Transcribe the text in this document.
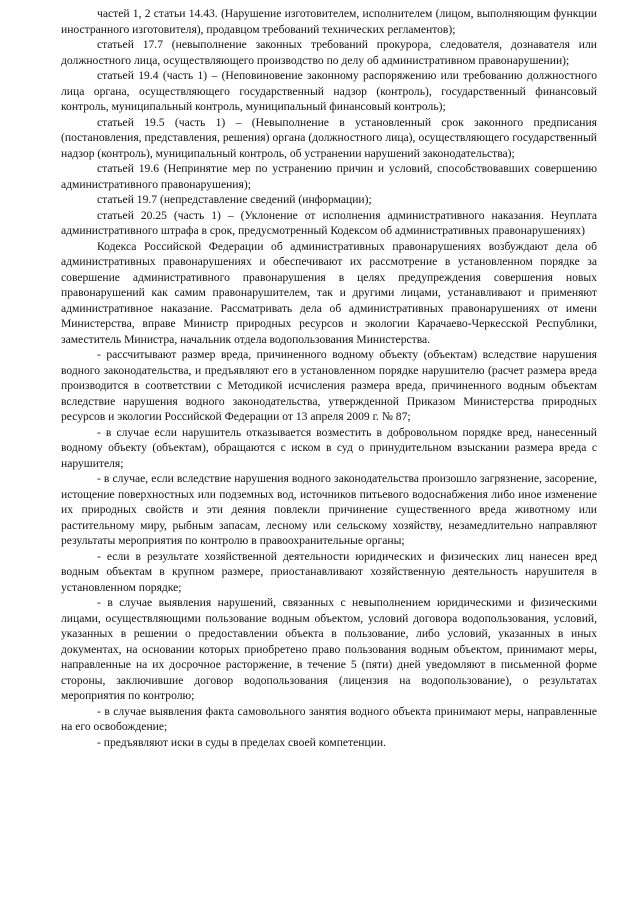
частей 1, 2 статьи 14.43. (Нарушение изготовителем, исполнителем (лицом, выполняющим функции иностранного изготовителя), продавцом требований технических регламентов);

статьей 17.7 (невыполнение законных требований прокурора, следователя, дознавателя или должностного лица, осуществляющего производство по делу об административном правонарушении);

статьей 19.4 (часть 1) – (Неповиновение законному распоряжению или требованию должностного лица органа, осуществляющего государственный надзор (контроль), государственный финансовый контроль, муниципальный контроль, муниципальный финансовый контроль);

статьей 19.5 (часть 1) – (Невыполнение в установленный срок законного предписания (постановления, представления, решения) органа (должностного лица), осуществляющего государственный надзор (контроль), муниципальный контроль, об устранении нарушений законодательства);

статьей 19.6 (Непринятие мер по устранению причин и условий, способствовавших совершению административного правонарушения);

статьей 19.7 (непредставление сведений (информации);

статьей 20.25 (часть 1) – (Уклонение от исполнения административного наказания. Неуплата административного штрафа в срок, предусмотренный Кодексом об административных правонарушениях)

Кодекса Российской Федерации об административных правонарушениях возбуждают дела об административных правонарушениях и обеспечивают их рассмотрение в установленном порядке за совершение административного правонарушения в целях предупреждения совершения новых правонарушений как самим правонарушителем, так и другими лицами, устанавливают и применяют административное наказание. Рассматривать дела об административных правонарушениях от имени Министерства, вправе Министр природных ресурсов и экологии Карачаево-Черкесской Республики, заместитель Министра, начальник отдела водопользования Министерства.

- рассчитывают размер вреда, причиненного водному объекту (объектам) вследствие нарушения водного законодательства, и предъявляют его в установленном порядке нарушителю (расчет размера вреда производится в соответствии с Методикой исчисления размера вреда, причиненного водным объектам вследствие нарушения водного законодательства, утвержденной Приказом Министерства природных ресурсов и экологии Российской Федерации от 13 апреля 2009 г. № 87;

- в случае если нарушитель отказывается возместить в добровольном порядке вред, нанесенный водному объекту (объектам), обращаются с иском в суд о принудительном взыскании размера вреда с нарушителя;

- в случае, если вследствие нарушения водного законодательства произошло загрязнение, засорение, истощение поверхностных или подземных вод, источников питьевого водоснабжения либо иное изменение их природных свойств и эти деяния повлекли причинение существенного вреда животному или растительному миру, рыбным запасам, лесному или сельскому хозяйству, незамедлительно направляют результаты мероприятия по контролю в правоохранительные органы;

- если в результате хозяйственной деятельности юридических и физических лиц нанесен вред водным объектам в крупном размере, приостанавливают хозяйственную деятельность нарушителя в установленном порядке;

- в случае выявления нарушений, связанных с невыполнением юридическими и физическими лицами, осуществляющими пользование водным объектом, условий договора водопользования, условий, указанных в решении о предоставлении объекта в пользование, либо условий, указанных в иных документах, на основании которых приобретено право пользования водным объектом, принимают меры, направленные на их досрочное расторжение, в течение 5 (пяти) дней уведомляют в письменной форме стороны, заключившие договор водопользования (лицензия на водопользование), о результатах мероприятия по контролю;

- в случае выявления факта самовольного занятия водного объекта принимают меры, направленные на его освобождение;

- предъявляют иски в суды в пределах своей компетенции.
